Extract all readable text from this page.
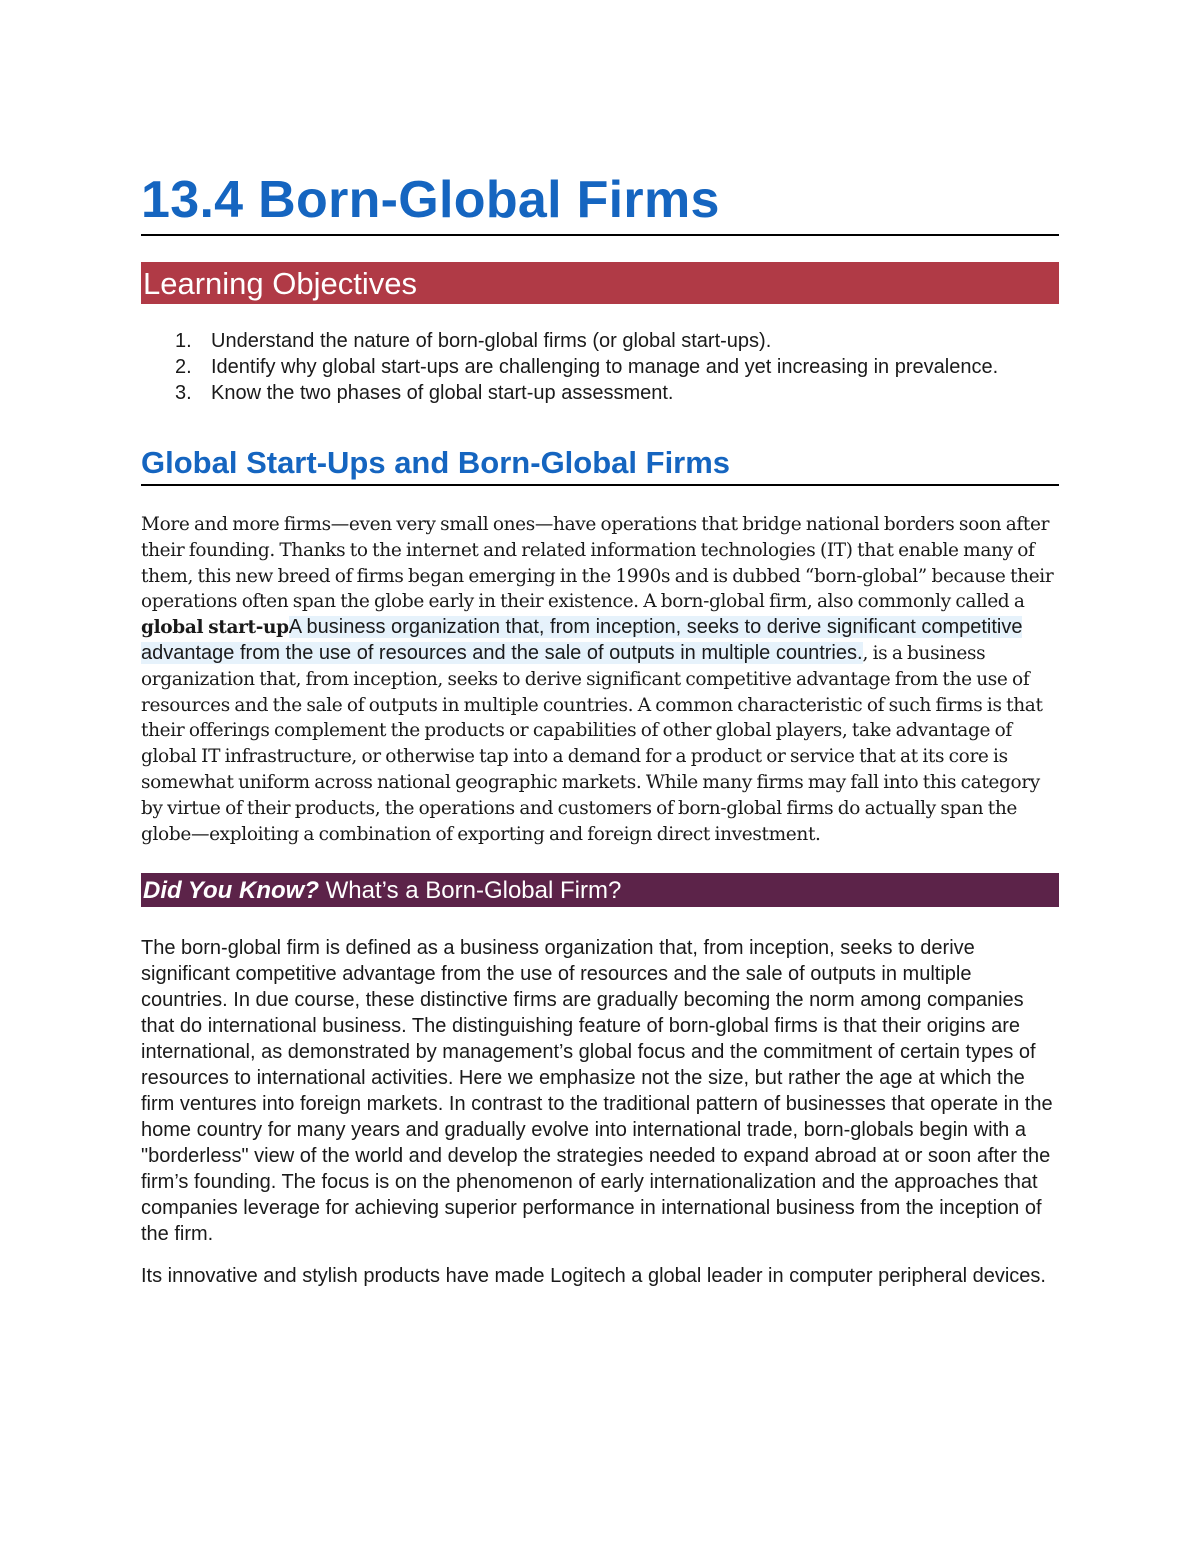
13.4 Born-Global Firms
Learning Objectives
1. Understand the nature of born-global firms (or global start-ups).
2. Identify why global start-ups are challenging to manage and yet increasing in prevalence.
3. Know the two phases of global start-up assessment.
Global Start-Ups and Born-Global Firms

More and more firms—even very small ones—have operations that bridge national borders soon after their founding. Thanks to the internet and related information technologies (IT) that enable many of them, this new breed of firms began emerging in the 1990s and is dubbed “born-global” because their operations often span the globe early in their existence. A born-global firm, also commonly called a global start-upA business organization that, from inception, seeks to derive significant competitive advantage from the use of resources and the sale of outputs in multiple countries., is a business organization that, from inception, seeks to derive significant competitive advantage from the use of resources and the sale of outputs in multiple countries. A common characteristic of such firms is that their offerings complement the products or capabilities of other global players, take advantage of global IT infrastructure, or otherwise tap into a demand for a product or service that at its core is somewhat uniform across national geographic markets. While many firms may fall into this category by virtue of their products, the operations and customers of born-global firms do actually span the globe—exploiting a combination of exporting and foreign direct investment.

Did You Know? What’s a Born-Global Firm?

The born-global firm is defined as a business organization that, from inception, seeks to derive significant competitive advantage from the use of resources and the sale of outputs in multiple countries. In due course, these distinctive firms are gradually becoming the norm among companies that do international business. The distinguishing feature of born-global firms is that their origins are international, as demonstrated by management’s global focus and the commitment of certain types of resources to international activities. Here we emphasize not the size, but rather the age at which the firm ventures into foreign markets. In contrast to the traditional pattern of businesses that operate in the home country for many years and gradually evolve into international trade, born-globals begin with a "borderless" view of the world and develop the strategies needed to expand abroad at or soon after the firm’s founding. The focus is on the phenomenon of early internationalization and the approaches that companies leverage for achieving superior performance in international business from the inception of the firm.

Its innovative and stylish products have made Logitech a global leader in computer peripheral devices.
